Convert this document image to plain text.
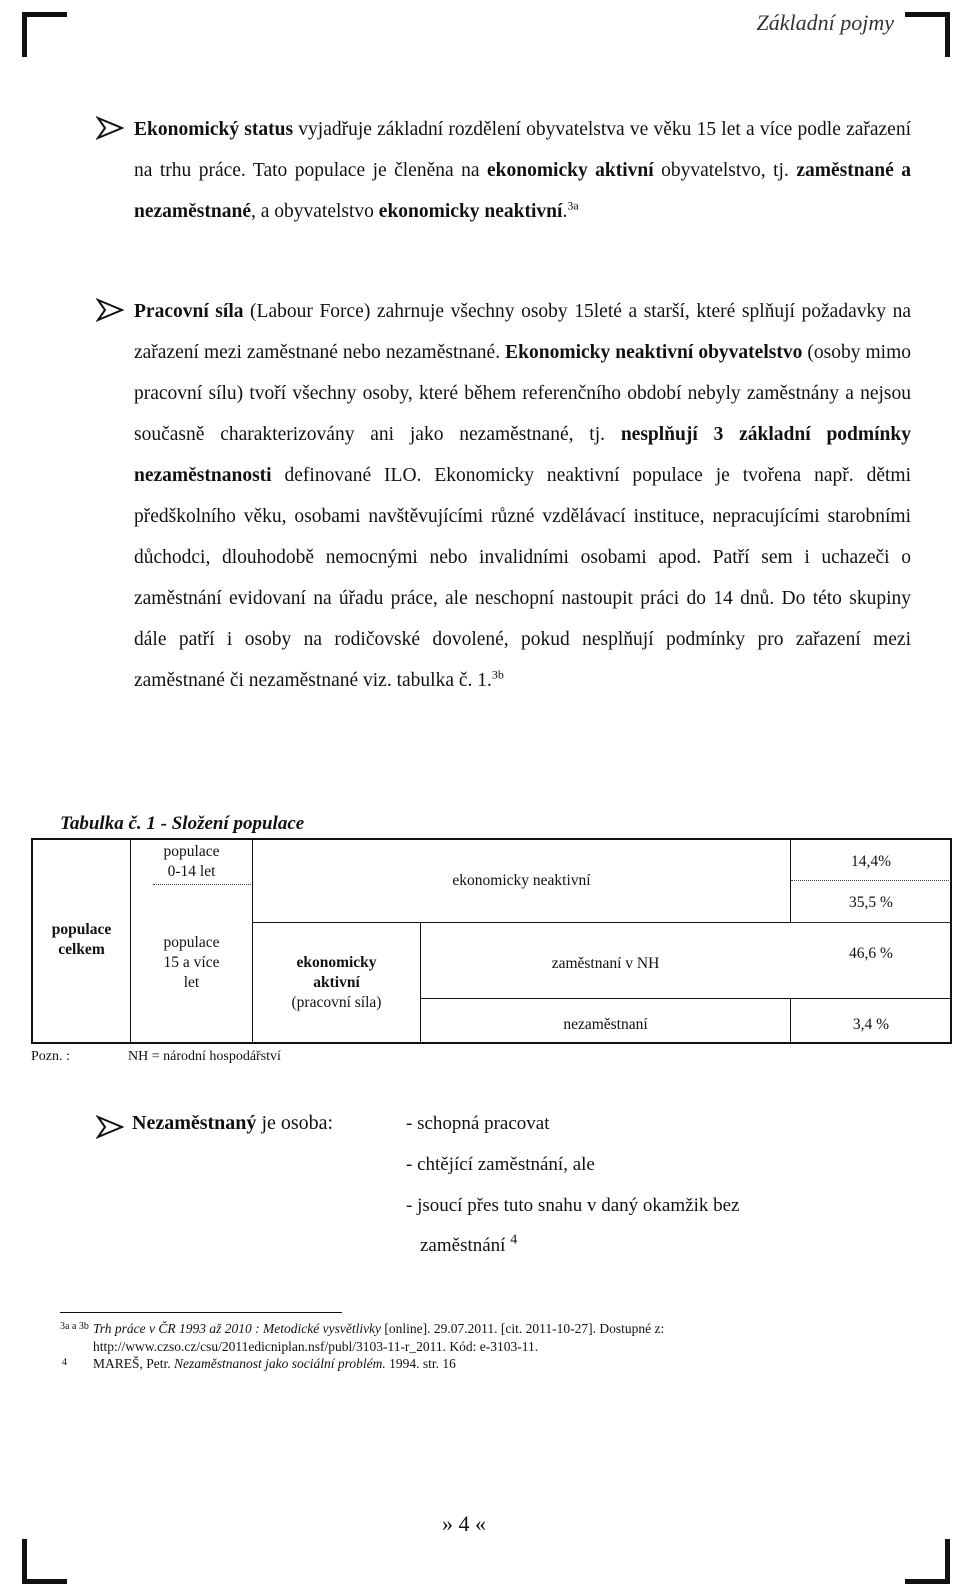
Základní pojmy

Ekonomický status vyjadřuje základní rozdělení obyvatelstva ve věku 15 let a více podle zařazení na trhu práce. Tato populace je členěna na ekonomicky aktivní obyvatelstvo, tj. zaměstnané a nezaměstnané, a obyvatelstvo ekonomicky neaktivní.$^{3a}$

Pracovní síla (Labour Force) zahrnuje všechny osoby 15leté a starší, které splňují požadavky na zařazení mezi zaměstnané nebo nezaměstnané. Ekonomicky neaktivní obyvatelstvo (osoby mimo pracovní sílu) tvoří všechny osoby, které během referenčního období nebyly zaměstnány a nejsou současně charakterizovány ani jako nezaměstnané, tj. nesplňují 3 základní podmínky nezaměstnanosti definované ILO. Ekonomicky neaktivní populace je tvořena např. dětmi předškolního věku, osobami navštěvujícími různé vzdělávací instituce, nepracujícími starobními důchodci, dlouhodobě nemocnými nebo invalidními osobami apod. Patří sem i uchazeči o zaměstnání evidovaní na úřadu práce, ale neschopní nastoupit práci do 14 dnů. Do této skupiny dále patří i osoby na rodičovské dovolené, pokud nesplňují podmínky pro zařazení mezi zaměstnané či nezaměstnané viz. tabulka č. 1.$^{3b}$

Tabulka č. 1 - Složení populace
populace
celkem
populace
0-14 let
populace
15 a více
let
ekonomicky neaktivní
ekonomicky
aktivní
(pracovní síla)
zaměstnaní v NH
nezaměstnaní
14,4%
35,5 %
46,6 %
3,4 %
Pozn. :	NH = národní hospodářství
Nezaměstnaný je osoba:	- schopná pracovat
- chtějící zaměstnání, ale
- jsoucí přes tuto snahu v daný okamžik bez
zaměstnání $^4$
3a a 3b Trh práce v ČR 1993 až 2010 : Metodické vysvětlivky [online]. 29.07.2011. [cit. 2011-10-27]. Dostupné z:
http://www.czso.cz/csu/2011edicniplan.nsf/publ/3103-11-r_2011. Kód: e-3103-11.
4 MAREŠ, Petr. Nezaměstnanost jako sociální problém. 1994. str. 16
» 4 «
